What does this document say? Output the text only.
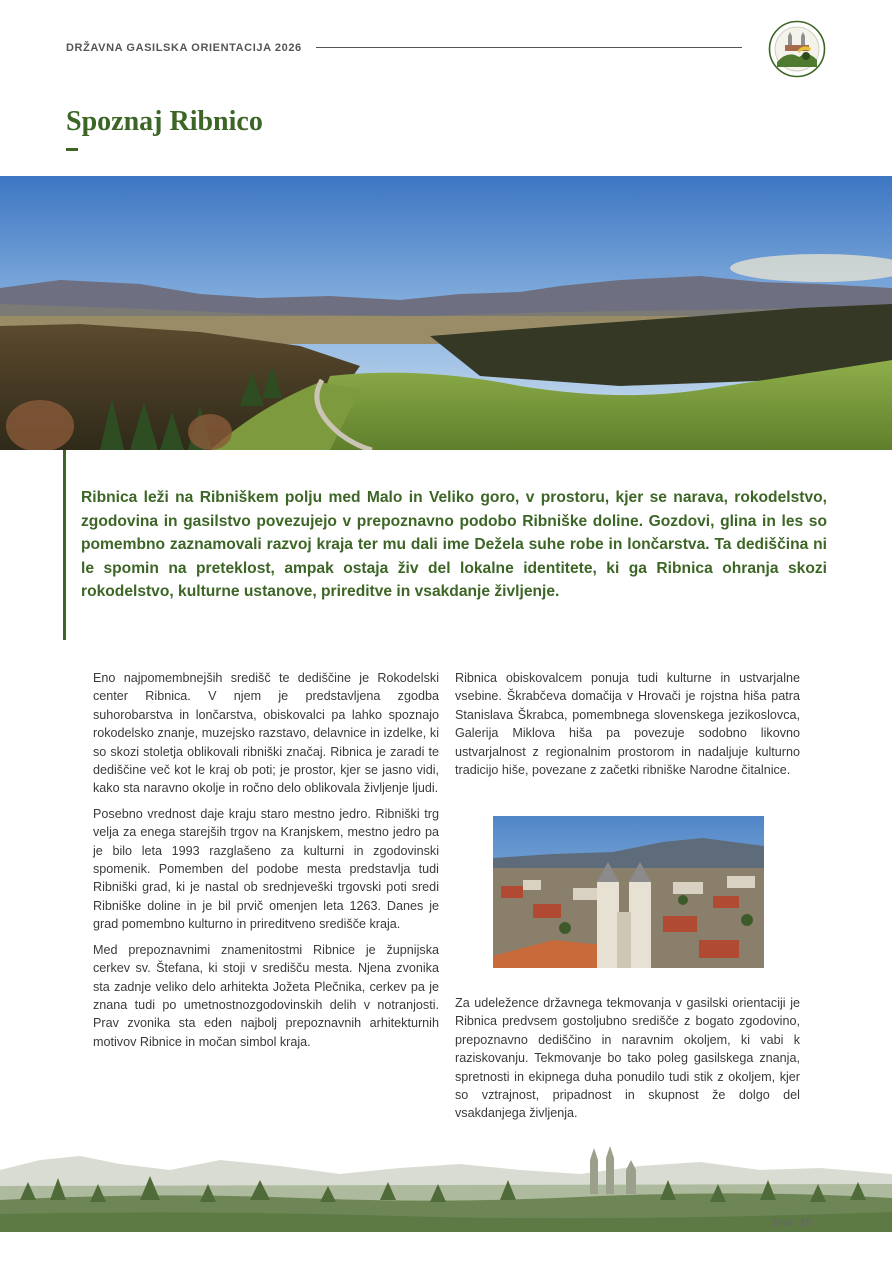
DRŽAVNA GASILSKA ORIENTACIJA 2026
Spoznaj Ribnico

Ribnica leži na Ribniškem polju med Malo in Veliko goro, v prostoru, kjer se narava, rokodelstvo, zgodovina in gasilstvo povezujejo v prepoznavno podobo Ribniške doline. Gozdovi, glina in les so pomembno zaznamovali razvoj kraja ter mu dali ime Dežela suhe robe in lončarstva. Ta dediščina ni le spomin na preteklost, ampak ostaja živ del lokalne identitete, ki ga Ribnica ohranja skozi rokodelstvo, kulturne ustanove, prireditve in vsakdanje življenje.

Eno najpomembnejših središč te dediščine je Rokodelski center Ribnica. V njem je predstavljena zgodba suhorobarstva in lončarstva, obiskovalci pa lahko spoznajo rokodelsko znanje, muzejsko razstavo, delavnice in izdelke, ki so skozi stoletja oblikovali ribniški značaj. Ribnica je zaradi te dediščine več kot le kraj ob poti; je prostor, kjer se jasno vidi, kako sta naravno okolje in ročno delo oblikovala življenje ljudi.

Posebno vrednost daje kraju staro mestno jedro. Ribniški trg velja za enega starejših trgov na Kranjskem, mestno jedro pa je bilo leta 1993 razglašeno za kulturni in zgodovinski spomenik. Pomemben del podobe mesta predstavlja tudi Ribniški grad, ki je nastal ob srednjeveški trgovski poti sredi Ribniške doline in je bil prvič omenjen leta 1263. Danes je grad pomembno kulturno in prireditveno središče kraja.

Med prepoznavnimi znamenitostmi Ribnice je župnijska cerkev sv. Štefana, ki stoji v središču mesta. Njena zvonika sta zadnje veliko delo arhitekta Jožeta Plečnika, cerkev pa je znana tudi po umetnostnozgodovinskih delih v notranjosti. Prav zvonika sta eden najbolj prepoznavnih arhitekturnih motivov Ribnice in močan simbol kraja.

Ribnica obiskovalcem ponuja tudi kulturne in ustvarjalne vsebine. Škrabčeva domačija v Hrovači je rojstna hiša patra Stanislava Škrabca, pomembnega slovenskega jezikoslovca, Galerija Miklova hiša pa povezuje sodobno likovno ustvarjalnost z regionalnim prostorom in nadaljuje kulturno tradicijo hiše, povezane z začetki ribniške Narodne čitalnice.

Za udeležence državnega tekmovanja v gasilski orientaciji je Ribnica predvsem gostoljubno središče z bogato zgodovino, prepoznavno dediščino in naravnim okoljem, ki vabi k raziskovanju. Tekmovanje bo tako poleg gasilskega znanja, spretnosti in ekipnega duha ponudilo tudi stik z okoljem, kjer so vztrajnost, pripadnost in skupnost že dolgo del vsakdanjega življenja.

Stran 19
